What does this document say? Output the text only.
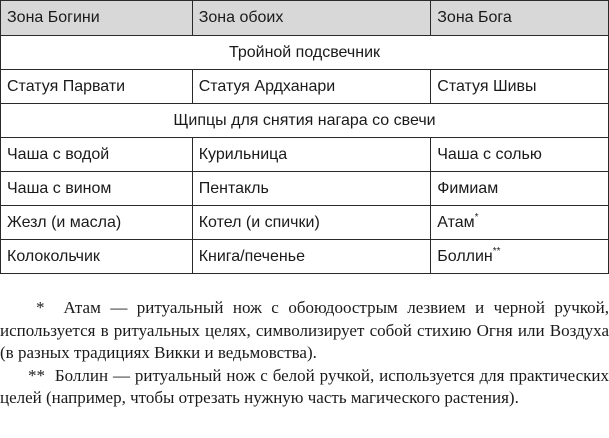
Зона Богини	Зона обоих	Зона Бога
Тройной подсвечник		
Статуя Парвати	Статуя Ардханари	Статуя Шивы
Щипцы для снятия нагара со свечи		
Чаша с водой	Курильница	Чаша с солью
Чаша с вином	Пентакль	Фимиам
Жезл (и масла)	Котел (и спички)	Атам*
Колокольчик	Книга/печенье	Боллин**

* Атам — ритуальный нож с обоюдоострым лезвием и черной ручкой, используется в ритуальных целях, символизирует собой стихию Огня или Воздуха (в разных традициях Викки и ведьмовства).

** Боллин — ритуальный нож с белой ручкой, используется для практических целей (например, чтобы отрезать нужную часть магического растения).
